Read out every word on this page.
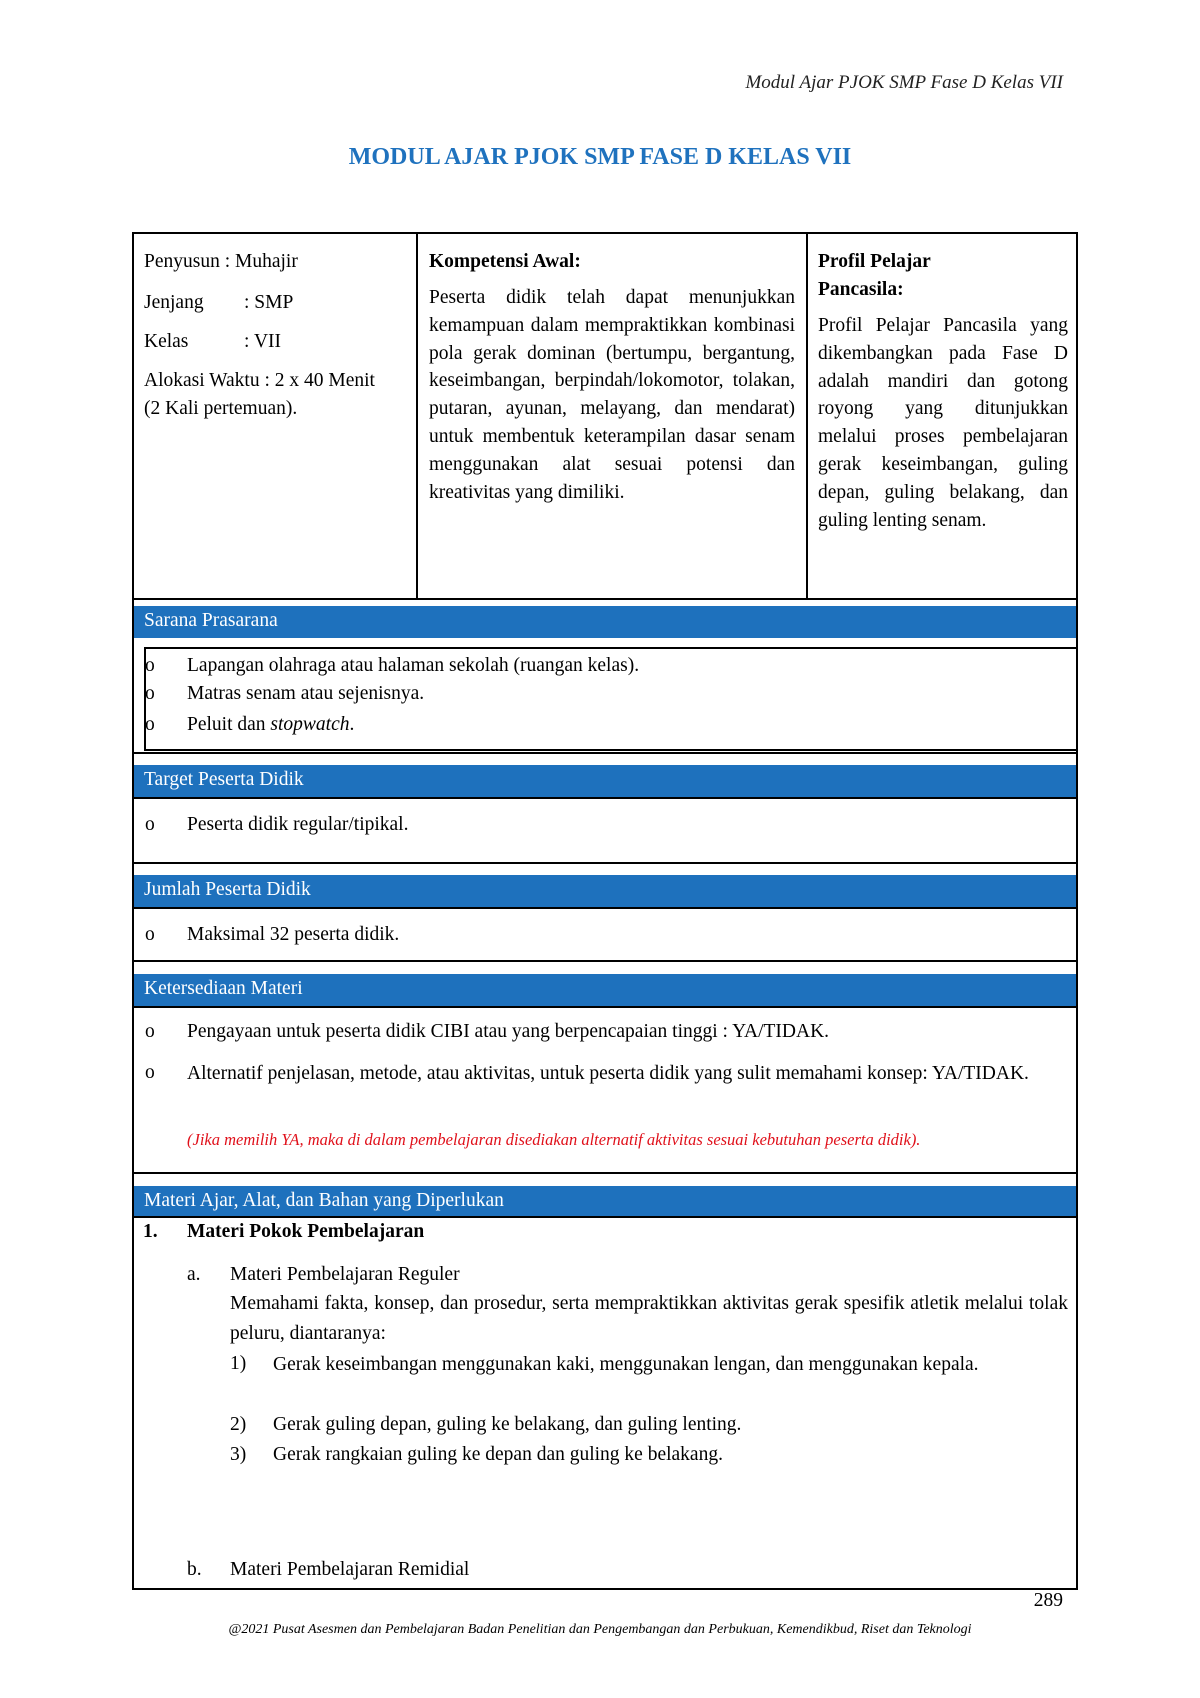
Modul Ajar PJOK SMP Fase D Kelas VII
MODUL AJAR PJOK SMP FASE D KELAS VII
Penyusun : Muhajir
Jenjang : SMP
Kelas	: VII
Alokasi Waktu : 2 x 40 Menit (2 Kali pertemuan).
Kompetensi Awal:
Peserta didik telah dapat menunjukkan kemampuan dalam mempraktikkan kombinasi pola gerak dominan (bertumpu, bergantung, keseimbangan, berpindah/lokomotor, tolakan, putaran, ayunan, melayang, dan mendarat) untuk membentuk keterampilan dasar senam menggunakan alat sesuai potensi dan kreativitas yang dimiliki.
Profil Pelajar Pancasila:
Profil Pelajar Pancasila yang dikembangkan pada Fase D adalah mandiri dan gotong royong yang ditunjukkan melalui proses pembelajaran gerak keseimbangan, guling depan, guling belakang, dan guling lenting senam.
Sarana Prasarana
o Lapangan olahraga atau halaman sekolah (ruangan kelas).
o Matras senam atau sejenisnya.
o Peluit dan stopwatch.
Target Peserta Didik
o Peserta didik regular/tipikal.
Jumlah Peserta Didik
o Maksimal 32 peserta didik.
Ketersediaan Materi
o Pengayaan untuk peserta didik CIBI atau yang berpencapaian tinggi : YA/TIDAK.
o Alternatif penjelasan, metode, atau aktivitas, untuk peserta didik yang sulit memahami konsep: YA/TIDAK.
(Jika memilih YA, maka di dalam pembelajaran disediakan alternatif aktivitas sesuai kebutuhan peserta didik).
Materi Ajar, Alat, dan Bahan yang Diperlukan
1. Materi Pokok Pembelajaran
a. Materi Pembelajaran Reguler
Memahami fakta, konsep, dan prosedur, serta mempraktikkan aktivitas gerak spesifik atletik melalui tolak peluru, diantaranya:
1) Gerak keseimbangan menggunakan kaki, menggunakan lengan, dan menggunakan kepala.
2) Gerak guling depan, guling ke belakang, dan guling lenting.
3) Gerak rangkaian guling ke depan dan guling ke belakang.
b. Materi Pembelajaran Remidial
289
@2021 Pusat Asesmen dan Pembelajaran Badan Penelitian dan Pengembangan dan Perbukuan, Kemendikbud, Riset dan Teknologi
